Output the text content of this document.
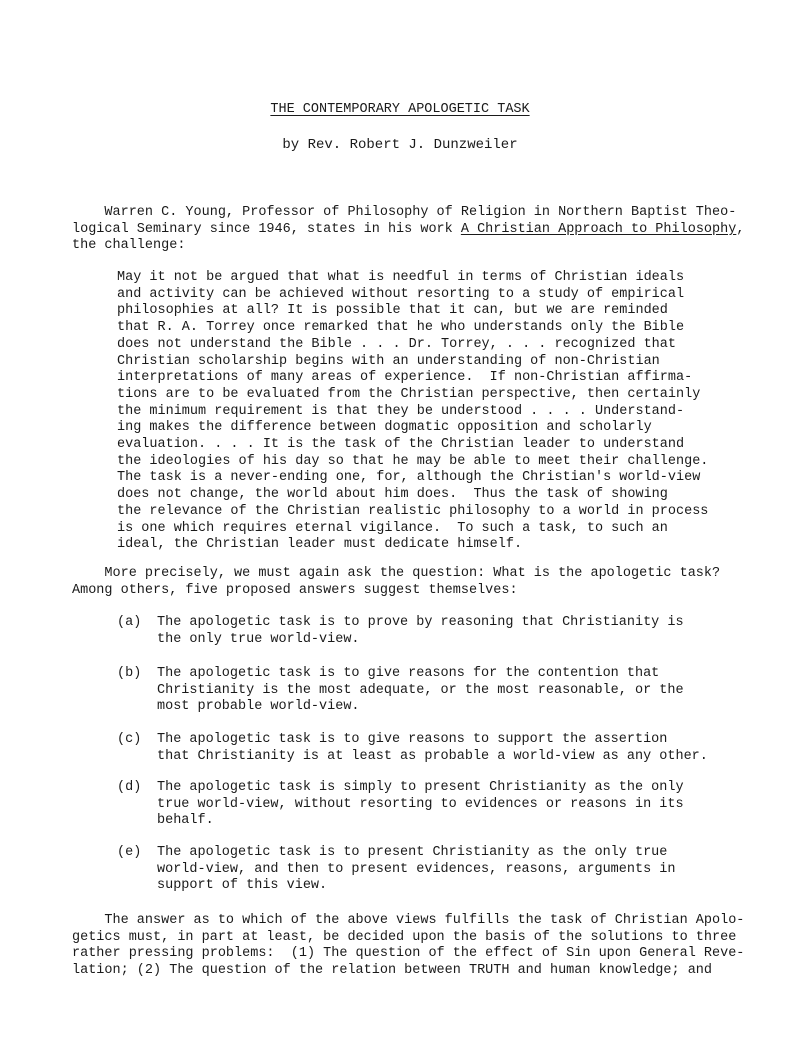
THE CONTEMPORARY APOLOGETIC TASK
by Rev. Robert J. Dunzweiler
Warren C. Young, Professor of Philosophy of Religion in Northern Baptist Theo-
logical Seminary since 1946, states in his work A Christian Approach to Philosophy,
the challenge:
May it not be argued that what is needful in terms of Christian ideals
and activity can be achieved without resorting to a study of empirical
philosophies at all? It is possible that it can, but we are reminded
that R. A. Torrey once remarked that he who understands only the Bible
does not understand the Bible . . . Dr. Torrey, . . . recognized that
Christian scholarship begins with an understanding of non-Christian
interpretations of many areas of experience.  If non-Christian affirma-
tions are to be evaluated from the Christian perspective, then certainly
the minimum requirement is that they be understood . . . . Understand-
ing makes the difference between dogmatic opposition and scholarly
evaluation. . . . It is the task of the Christian leader to understand
the ideologies of his day so that he may be able to meet their challenge.
The task is a never-ending one, for, although the Christian's world-view
does not change, the world about him does.  Thus the task of showing
the relevance of the Christian realistic philosophy to a world in process
is one which requires eternal vigilance.  To such a task, to such an
ideal, the Christian leader must dedicate himself.
More precisely, we must again ask the question: What is the apologetic task?
Among others, five proposed answers suggest themselves:
(a) The apologetic task is to prove by reasoning that Christianity is
the only true world-view.
(b) The apologetic task is to give reasons for the contention that
Christianity is the most adequate, or the most reasonable, or the
most probable world-view.
(c) The apologetic task is to give reasons to support the assertion
that Christianity is at least as probable a world-view as any other.
(d) The apologetic task is simply to present Christianity as the only
true world-view, without resorting to evidences or reasons in its
behalf.
(e) The apologetic task is to present Christianity as the only true
world-view, and then to present evidences, reasons, arguments in
support of this view.
The answer as to which of the above views fulfills the task of Christian Apolo-
getics must, in part at least, be decided upon the basis of the solutions to three
rather pressing problems:  (1) The question of the effect of Sin upon General Reve-
lation; (2) The question of the relation between TRUTH and human knowledge; and
